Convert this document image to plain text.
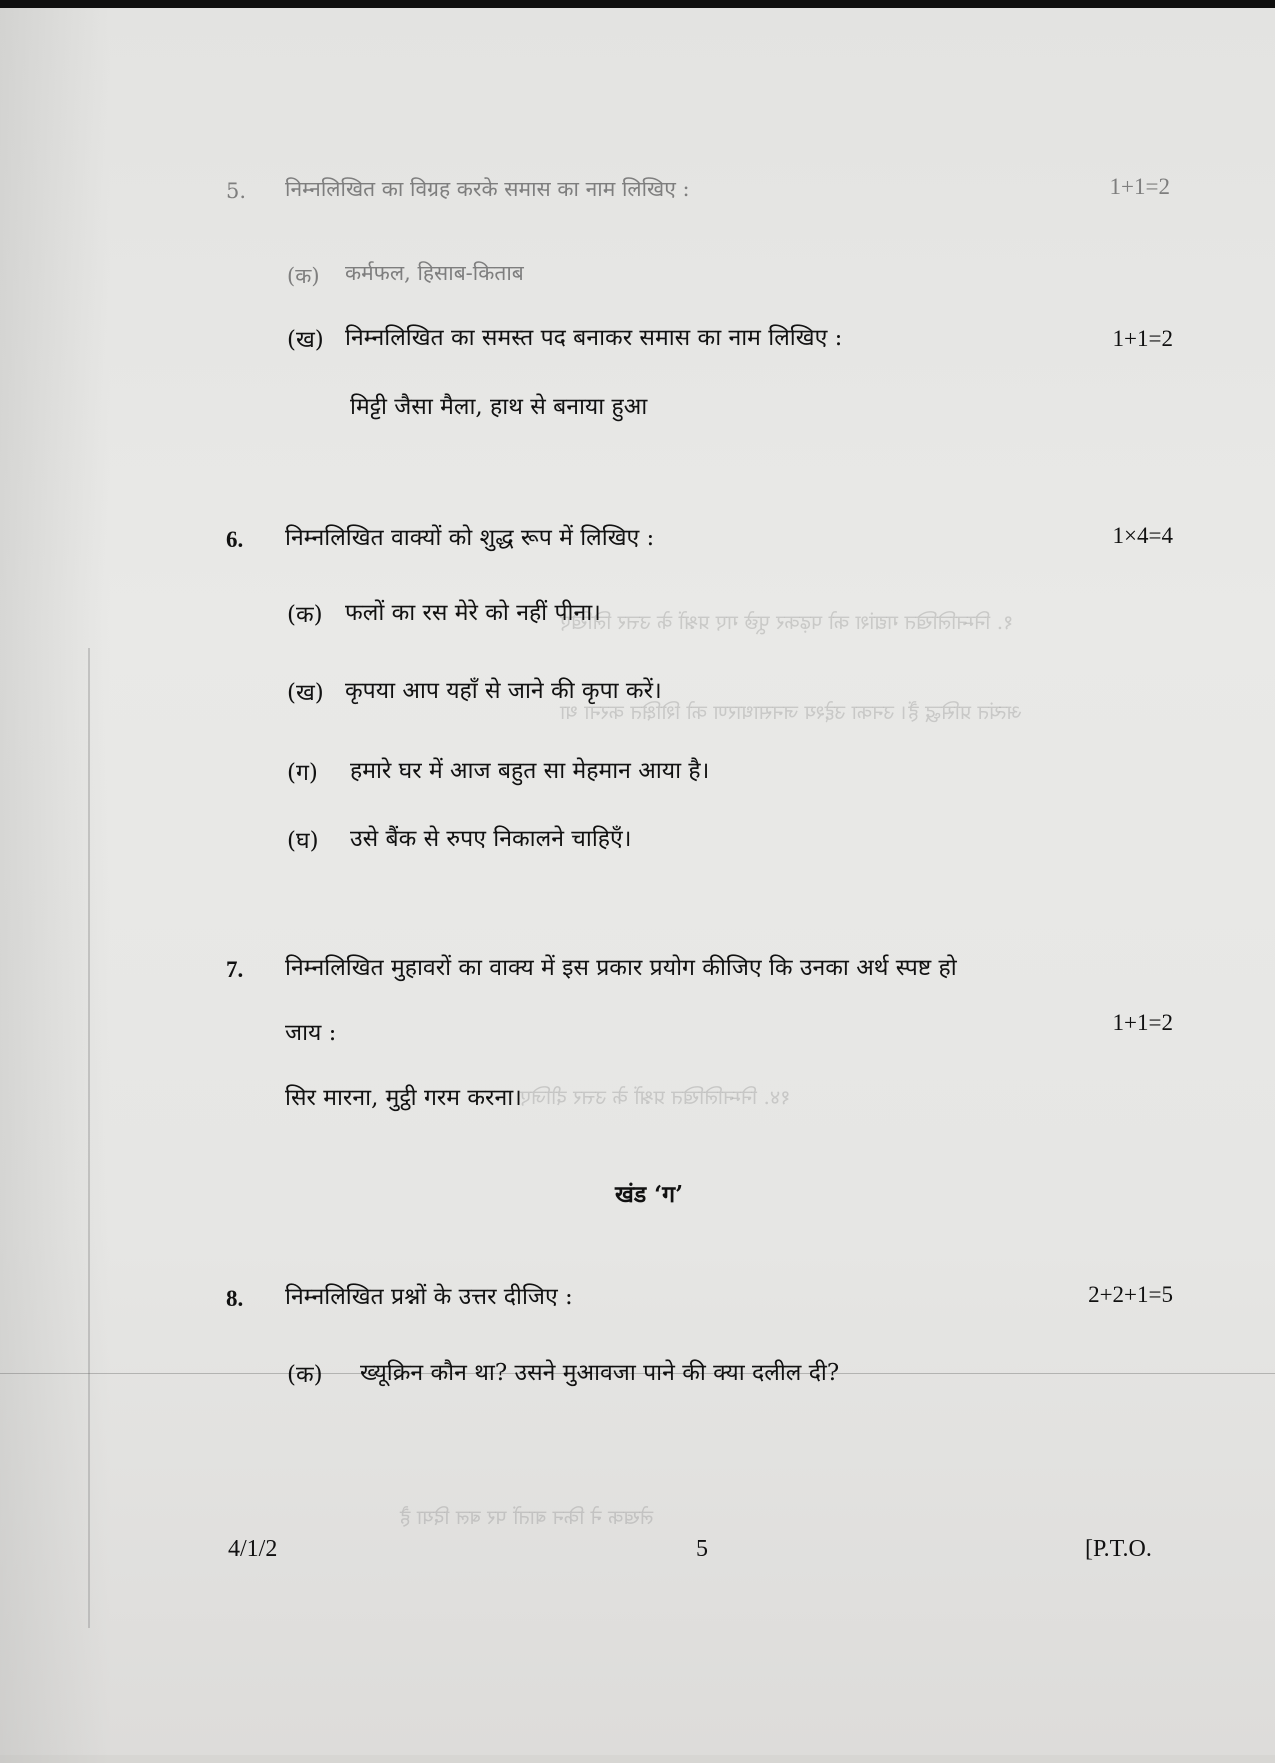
१. निम्नलिखित गद्यांश को पढ़कर पूछे गए प्रश्नों के उत्तर लिखिए
अत्यंत प्रसिद्ध हैं। उनका उद्देश्य जनसाधारण को शिक्षित करना था
१४. निम्नलिखित प्रश्नों के उत्तर दीजिए
लेखक ने किन बातों पर बल दिया है
5. निम्नलिखित का विग्रह करके समास का नाम लिखिए :	1+1=2
(क) कर्मफल, हिसाब-किताब
(ख) निम्नलिखित का समस्त पद बनाकर समास का नाम लिखिए :	1+1=2
मिट्टी जैसा मैला, हाथ से बनाया हुआ
6. निम्नलिखित वाक्यों को शुद्ध रूप में लिखिए :	1×4=4
(क) फलों का रस मेरे को नहीं पीना।
(ख) कृपया आप यहाँ से जाने की कृपा करें।
(ग) हमारे घर में आज बहुत सा मेहमान आया है।
(घ) उसे बैंक से रुपए निकालने चाहिएँ।
7. निम्नलिखित मुहावरों का वाक्य में इस प्रकार प्रयोग कीजिए कि उनका अर्थ स्पष्ट हो
जाय :	1+1=2
सिर मारना, मुट्ठी गरम करना।
खंड ‘ग’
8. निम्नलिखित प्रश्नों के उत्तर दीजिए :	2+2+1=5
(क) ख्यूक्रिन कौन था? उसने मुआवजा पाने की क्या दलील दी?
4/1/2	5	[P.T.O.
